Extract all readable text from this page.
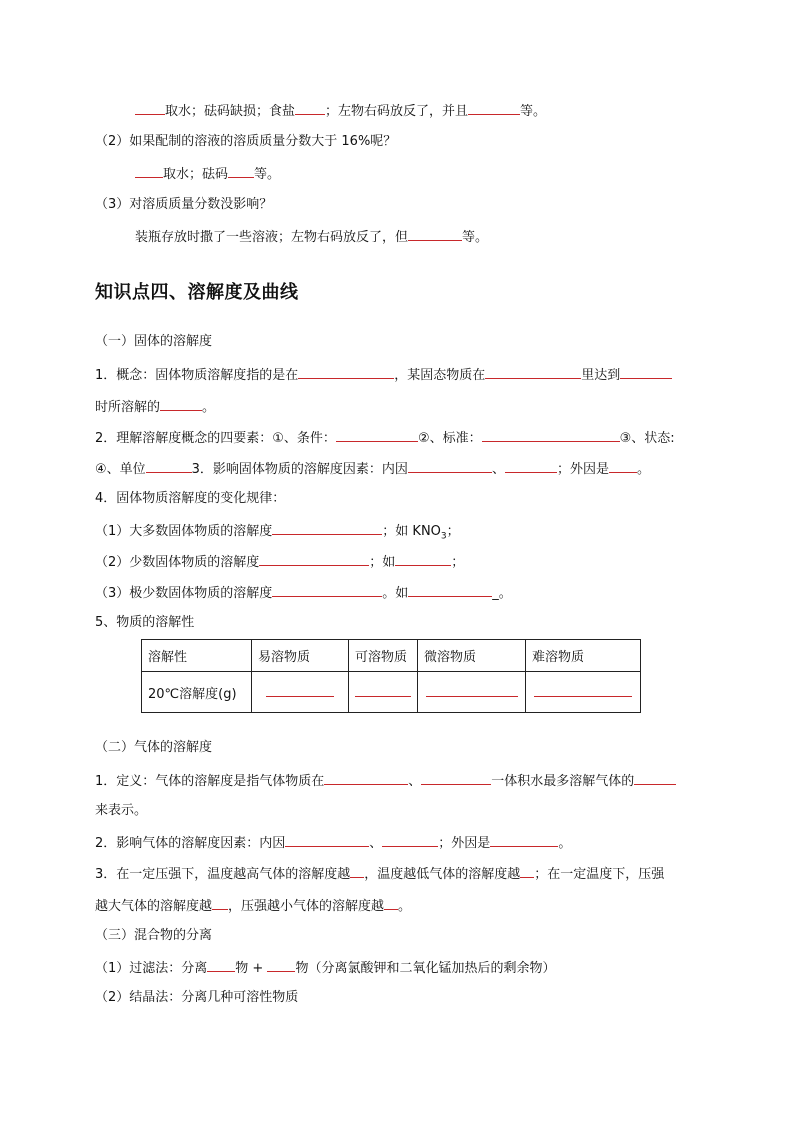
取水；砝码缺损；食盐 ；左物右码放反了，并且	等。
（2）如果配制的溶液的溶质质量分数大于 16%呢？
取水；砝码 等。
（3）对溶质质量分数没影响？
装瓶存放时撒了一些溶液；左物右码放反了，但	等。
知识点四、溶解度及曲线
（一）固体的溶解度
1．概念：固体物质溶解度指的是在	，某固态物质在	里达到
时所溶解的	。
2．理解溶解度概念的四要素：①、条件：	②、标准：	③、状态:
④、单位	3．影响固体物质的溶解度因素：内因	、	；外因是 。
4．固体物质溶解度的变化规律：
（1）大多数固体物质的溶解度	；如 $KNO_3$；
（2）少数固体物质的溶解度	；如	；
（3）极少数固体物质的溶解度	。如	_。
5、物质的溶解性
溶解性	易溶物质	可溶物质	微溶物质	难溶物质
20℃溶解度(g)				
（二）气体的溶解度
1．定义：气体的溶解度是指气体物质在	、	一体积水最多溶解气体的
来表示。
2．影响气体的溶解度因素：内因	、	；外因是	。
3．在一定压强下，温度越高气体的溶解度越 ，温度越低气体的溶解度越 ；在一定温度下，压强
越大气体的溶解度越 ，压强越小气体的溶解度越 。
（三）混合物的分离
（1）过滤法：分离 物 + 物（分离氯酸钾和二氧化锰加热后的剩余物）
（2）结晶法：分离几种可溶性物质
